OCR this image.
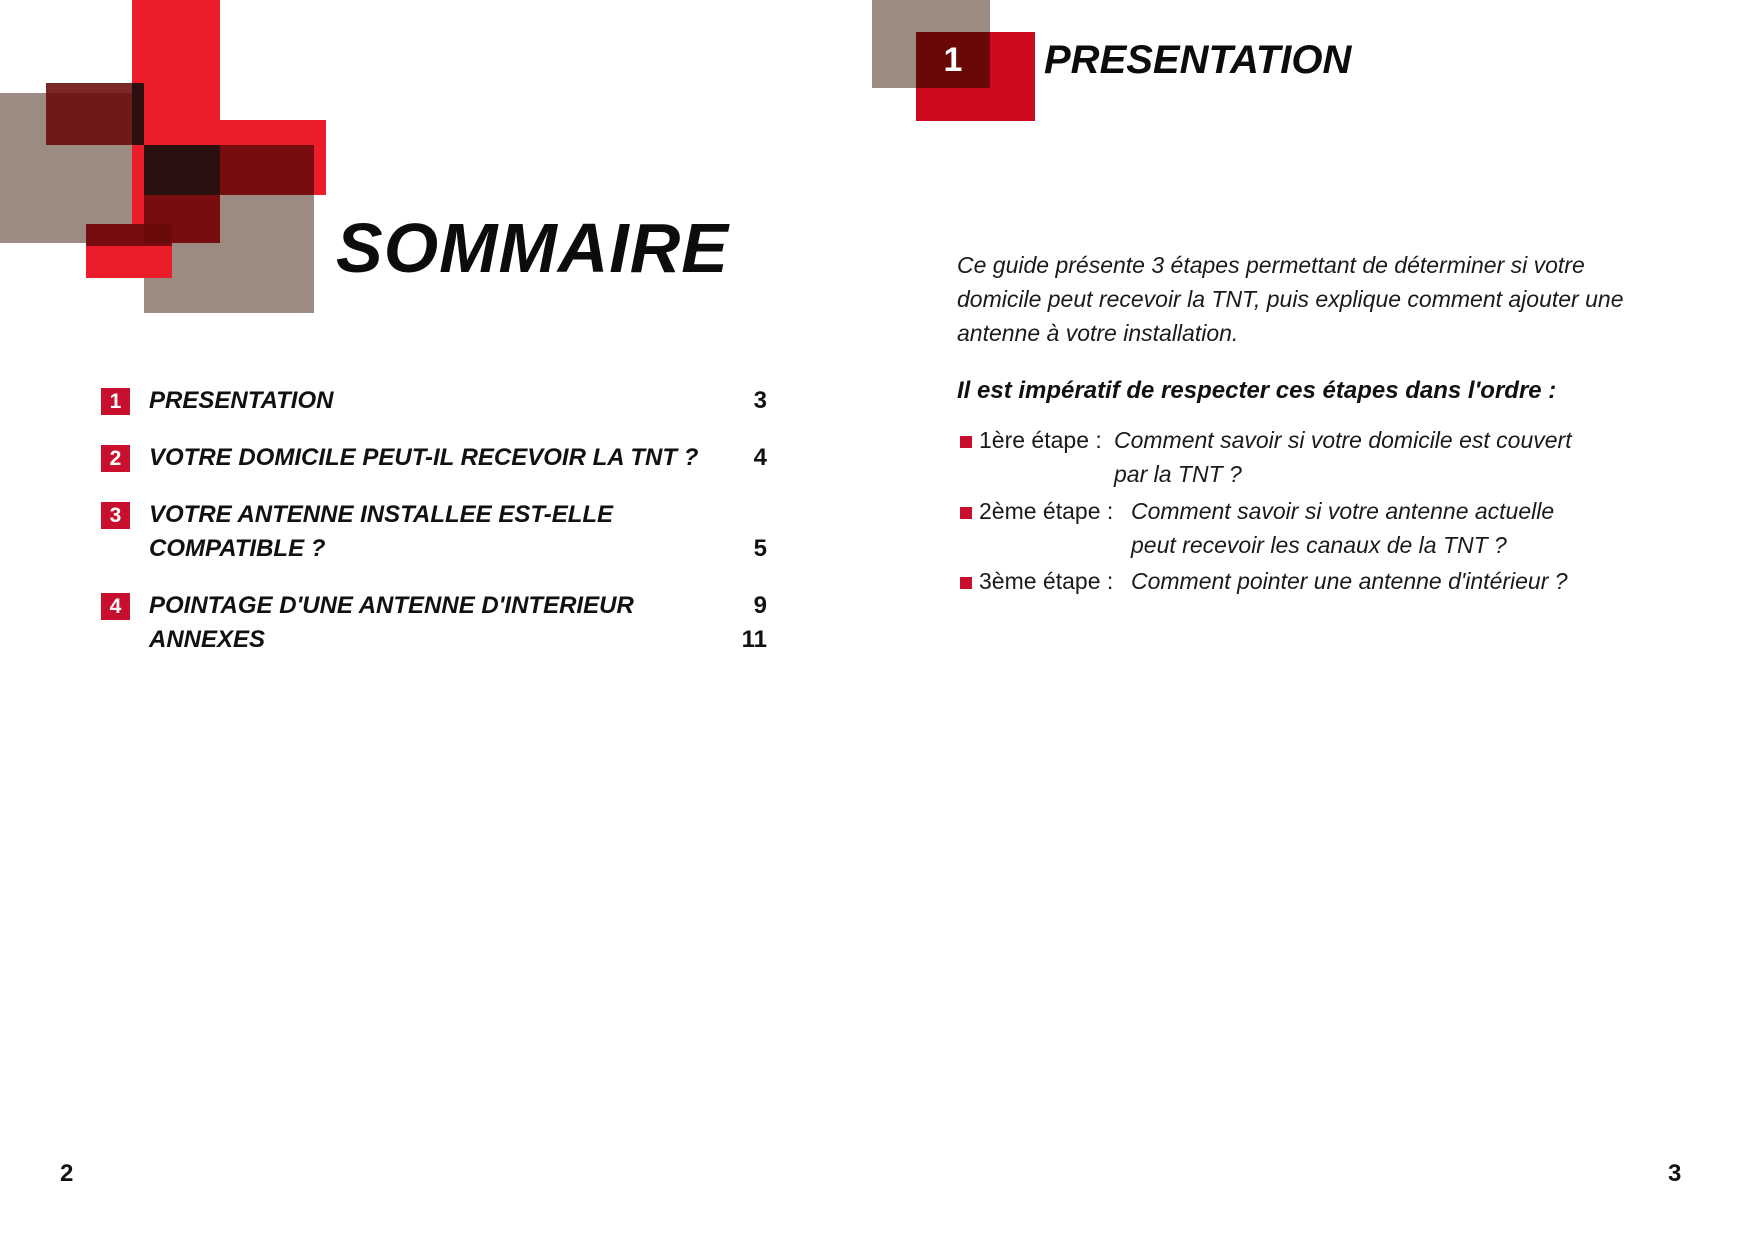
SOMMAIRE
1	PRESENTATION	3
2	VOTRE DOMICILE PEUT-IL RECEVOIR LA TNT ?	4
3	VOTRE ANTENNE INSTALLEE EST-ELLE COMPATIBLE ?	5
4	POINTAGE D'UNE ANTENNE D'INTERIEUR	9
ANNEXES	11
2
1	PRESENTATION

Ce guide présente 3 étapes permettant de déterminer si votre domicile peut recevoir la TNT, puis explique comment ajouter une antenne à votre installation.

Il est impératif de respecter ces étapes dans l'ordre :

1ère étape : Comment savoir si votre domicile est couvert par la TNT ?
2ème étape : Comment savoir si votre antenne actuelle peut recevoir les canaux de la TNT ?
3ème étape : Comment pointer une antenne d'intérieur ?
3
